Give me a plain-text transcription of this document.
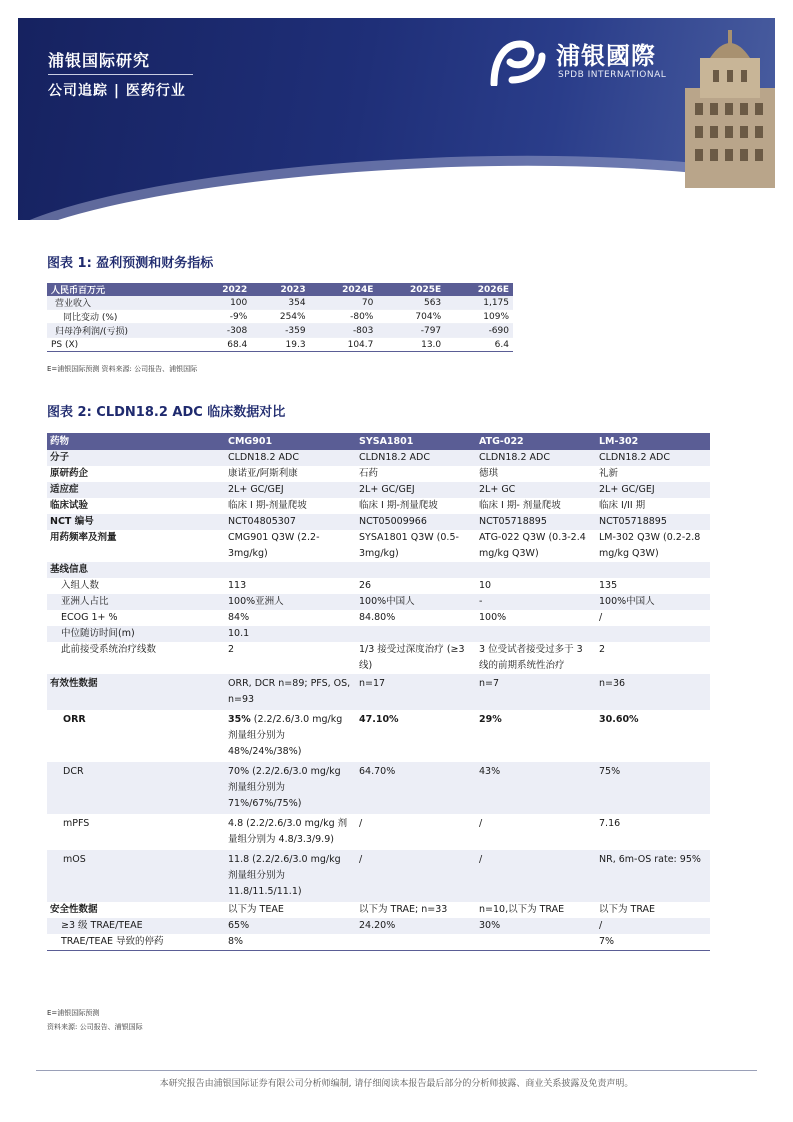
浦银国际研究
公司追踪 | 医药行业
浦银國際
SPDB INTERNATIONAL
图表 1: 盈利预测和财务指标
人民币百万元	2022	2023	2024E	2025E	2026E
营业收入	100	354	70	563	1,175
同比变动 (%)	-9%	254%	-80%	704%	109%
归母净利润/(亏损)	-308	-359	-803	-797	-690
PS (X)	68.4	19.3	104.7	13.0	6.4
E=浦银国际预测 资料来源: 公司报告、浦银国际
图表 2: CLDN18.2 ADC 临床数据对比
药物	CMG901	SYSA1801	ATG-022	LM-302
分子	CLDN18.2 ADC	CLDN18.2 ADC	CLDN18.2 ADC	CLDN18.2 ADC
原研药企	康诺亚/阿斯利康	石药	德琪	礼新
适应症	2L+ GC/GEJ	2L+ GC/GEJ	2L+ GC	2L+ GC/GEJ
临床试验	临床 I 期-剂量爬坡	临床 I 期-剂量爬坡	临床 I 期- 剂量爬坡	临床 I/II 期
NCT 编号	NCT04805307	NCT05009966	NCT05718895	NCT05718895
用药频率及剂量	CMG901 Q3W (2.2-3mg/kg)	SYSA1801 Q3W (0.5-3mg/kg)	ATG-022 Q3W (0.3-2.4 mg/kg Q3W)	LM-302 Q3W (0.2-2.8 mg/kg Q3W)
基线信息				
入组人数	113	26	10	135
亚洲人占比	100%亚洲人	100%中国人	-	100%中国人
ECOG 1+ %	84%	84.80%	100%	/
中位随访时间(m)	10.1			
此前接受系统治疗线数	2	1/3 接受过深度治疗 (≥3 线)	3 位受试者接受过多于 3 线的前期系统性治疗	2
有效性数据	ORR, DCR n=89; PFS, OS, n=93	n=17	n=7	n=36
ORR	35% (2.2/2.6/3.0 mg/kg 剂量组分别为 48%/24%/38%)	47.10%	29%	30.60%
DCR	70% (2.2/2.6/3.0 mg/kg 剂量组分别为 71%/67%/75%)	64.70%	43%	75%
mPFS	4.8 (2.2/2.6/3.0 mg/kg 剂量组分别为 4.8/3.3/9.9)	/	/	7.16
mOS	11.8 (2.2/2.6/3.0 mg/kg 剂量组分别为 11.8/11.5/11.1)	/	/	NR, 6m-OS rate: 95%
安全性数据	以下为 TEAE	以下为 TRAE; n=33	n=10,以下为 TRAE	以下为 TRAE
≥3 级 TRAE/TEAE	65%	24.20%	30%	/
TRAE/TEAE 导致的停药	8%			7%
E=浦银国际预测
资料来源: 公司报告、浦银国际
本研究报告由浦银国际证券有限公司分析师编制, 请仔细阅读本报告最后部分的分析师披露、商业关系披露及免责声明。
